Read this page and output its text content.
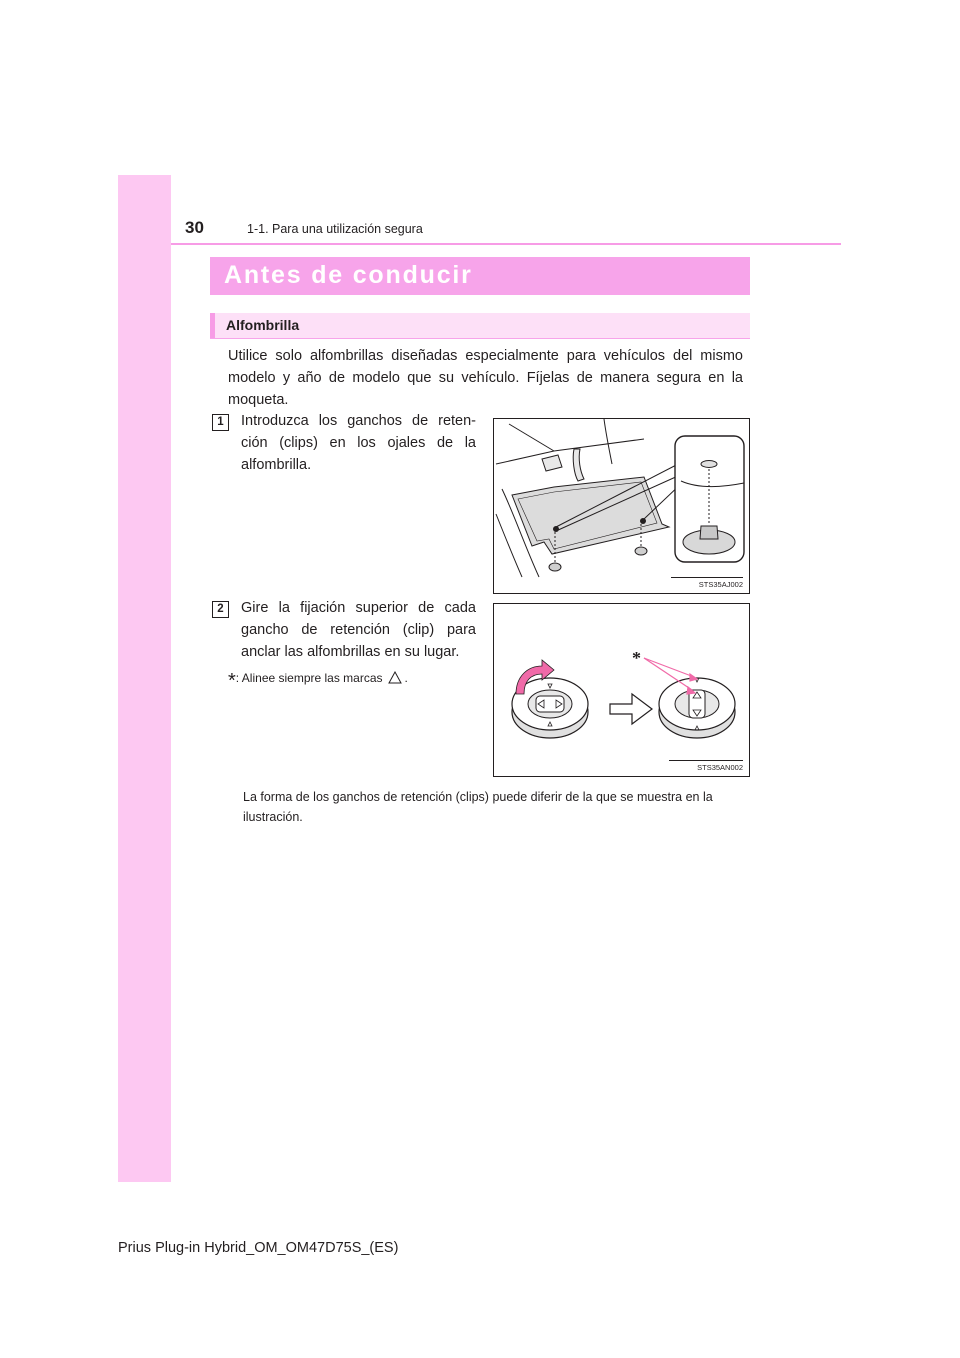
30	1-1. Para una utilización segura
Antes de conducir
Alfombrilla
Utilice solo alfombrillas diseñadas especialmente para vehículos del mismo modelo y año de modelo que su vehículo. Fíjelas de manera segura en la moqueta.
1	Introduzca los ganchos de reten-ción (clips) en los ojales de la alfombrilla.
STS35AJ002
2	Gire la fijación superior de cada gancho de retención (clip) para anclar las alfombrillas en su lugar.
*: Alinee siempre las marcas .
*
STS35AN002
La forma de los ganchos de retención (clips) puede diferir de la que se muestra en la ilustración.
Prius Plug-in Hybrid_OM_OM47D75S_(ES)
